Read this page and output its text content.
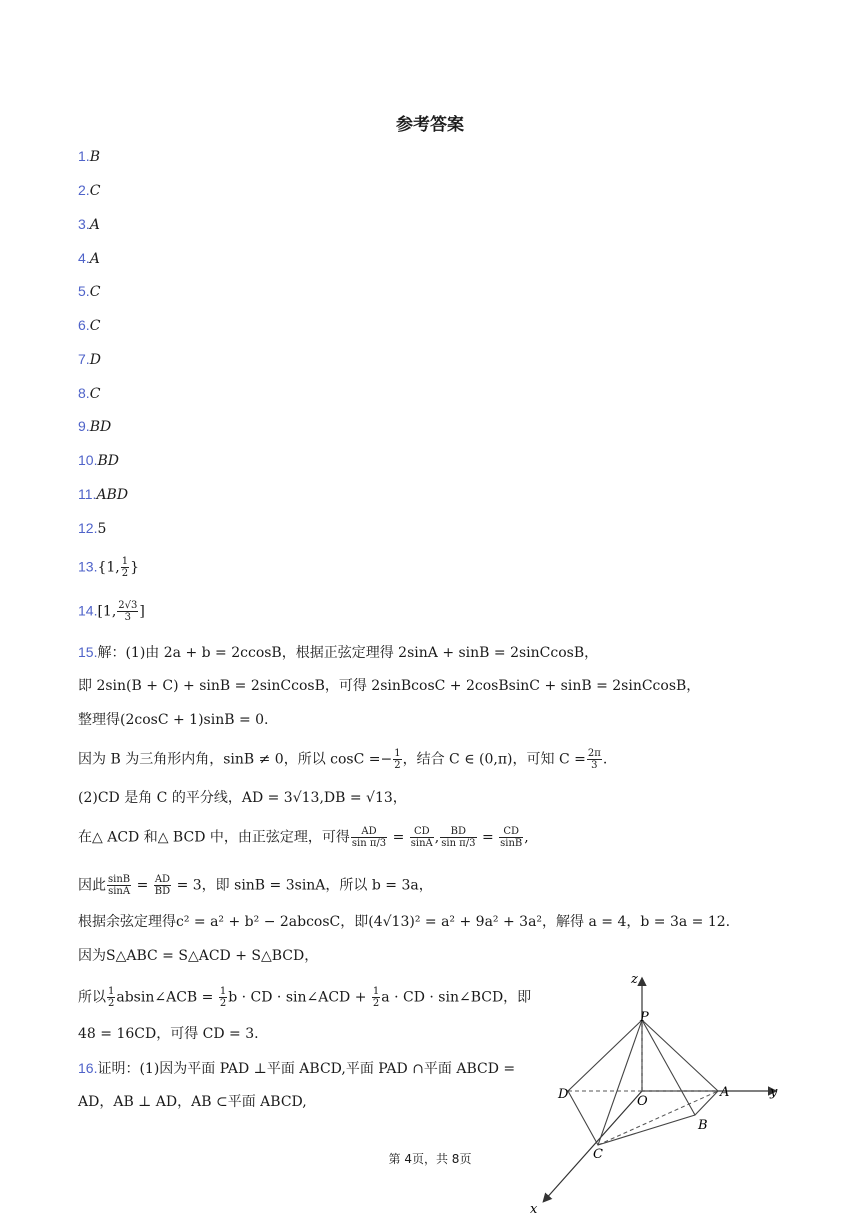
参考答案
1.B
2.C
3.A
4.A
5.C
6.C
7.D
8.C
9.BD
10.BD
11.ABD
12.5
13.{1, $\frac{1}{2}$ }
14.[1, $\frac{2√3}{3}$ ]
15.解：(1)由 2a + b = 2ccosB，根据正弦定理得 2sinA + sinB = 2sinCcosB，
即 2sin(B + C) + sinB = 2sinCcosB，可得 2sinBcosC + 2cosBsinC + sinB = 2sinCcosB，
整理得(2cosC + 1)sinB = 0.
因为 B 为三角形内角，sinB ≠ 0，所以 $\cos C =- \frac{1}{2}$ ，结合 C ∈ (0,π)，可知 $C = \frac{2\pi}{3}$ .
(2)CD 是角 C 的平分线，AD = 3√13,DB = √13，
在△ ACD 和△ BCD 中，由正弦定理，可得 $\frac{AD}{\text{sin π/3}} = \frac{CD}{\sin A}$ , $\frac{BD}{\text{sin π/3}} = \frac{CD}{\sin B}$ ,
因此 $\frac{\sin B}{\sin A} = \frac{AD}{BD} = 3$，即 sinB = 3sinA，所以 b = 3a，
根据余弦定理得c² = a² + b² − 2abcosC，即(4√13)² = a² + 9a² + 3a²，解得 a = 4，b = 3a = 12.
因为S△ABC = S△ACD + S△BCD，
所以 $\frac{1}{2}$ absin∠ACB = $\frac{1}{2}$ b · CD · sin∠ACD + $\frac{1}{2}$ a · CD · sin∠BCD，即
48 = 16CD，可得 CD = 3.
16.证明：(1)因为平面 PAD ⊥平面 ABCD,平面 PAD ∩平面 ABCD =
AD，AB ⊥ AD，AB ⊂平面 ABCD,
z
y
x
P
D	O
A
B
C
第 4页，共 8页
